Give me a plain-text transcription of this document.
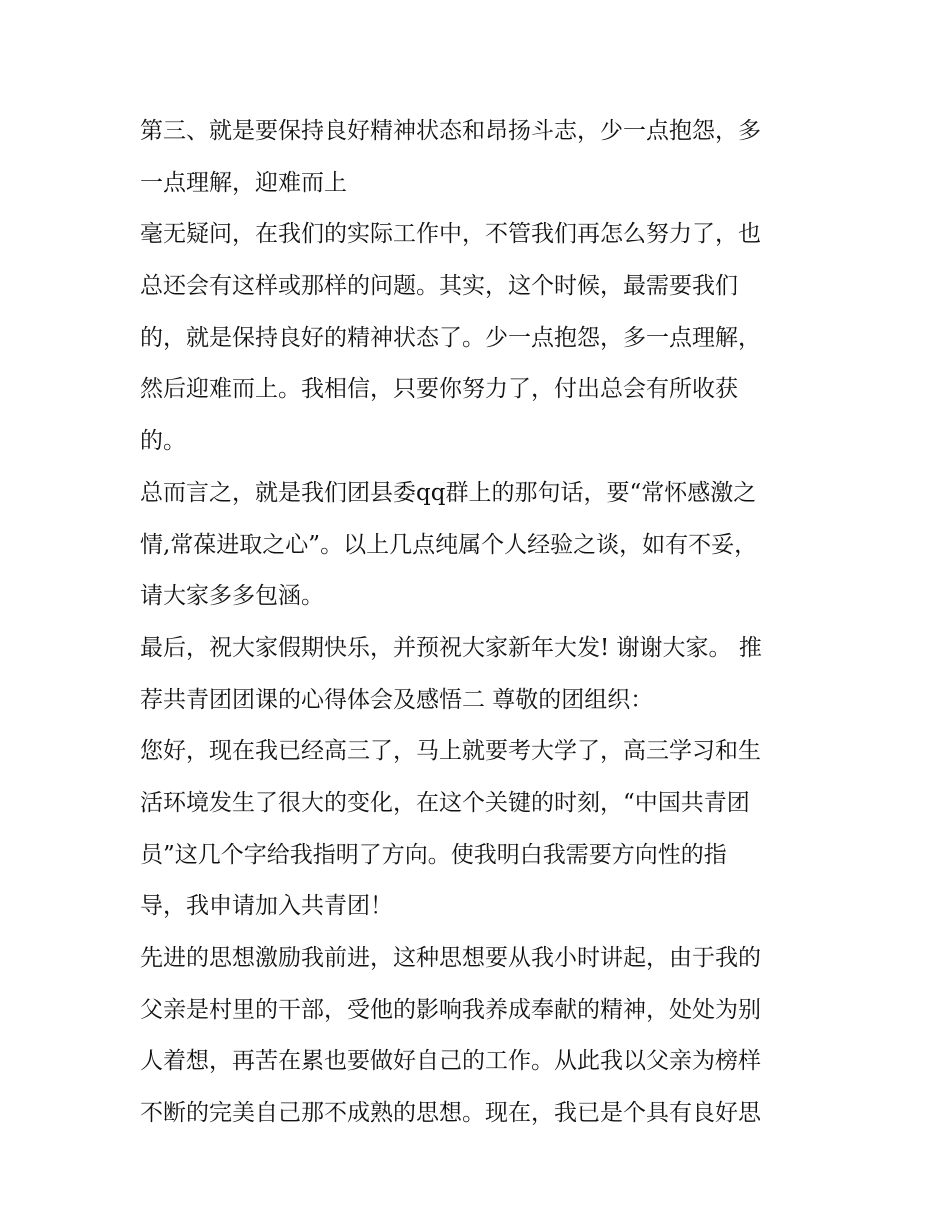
第三、就是要保持良好精神状态和昂扬斗志，少一点抱怨，多
一点理解，迎难而上
毫无疑问，在我们的实际工作中，不管我们再怎么努力了，也
总还会有这样或那样的问题。其实，这个时候，最需要我们
的，就是保持良好的精神状态了。少一点抱怨，多一点理解，
然后迎难而上。我相信，只要你努力了，付出总会有所收获
的。
总而言之，就是我们团县委qq群上的那句话，要“常怀感激之
情,常葆进取之心”。以上几点纯属个人经验之谈，如有不妥，
请大家多多包涵。
最后，祝大家假期快乐，并预祝大家新年大发! 谢谢大家。 推
荐共青团团课的心得体会及感悟二 尊敬的团组织：
您好，现在我已经高三了，马上就要考大学了，高三学习和生
活环境发生了很大的变化，在这个关键的时刻，“中国共青团
员”这几个字给我指明了方向。使我明白我需要方向性的指
导，我申请加入共青团！
先进的思想激励我前进，这种思想要从我小时讲起，由于我的
父亲是村里的干部，受他的影响我养成奉献的精神，处处为别
人着想，再苦在累也要做好自己的工作。从此我以父亲为榜样
不断的完美自己那不成熟的思想。现在，我已是个具有良好思
